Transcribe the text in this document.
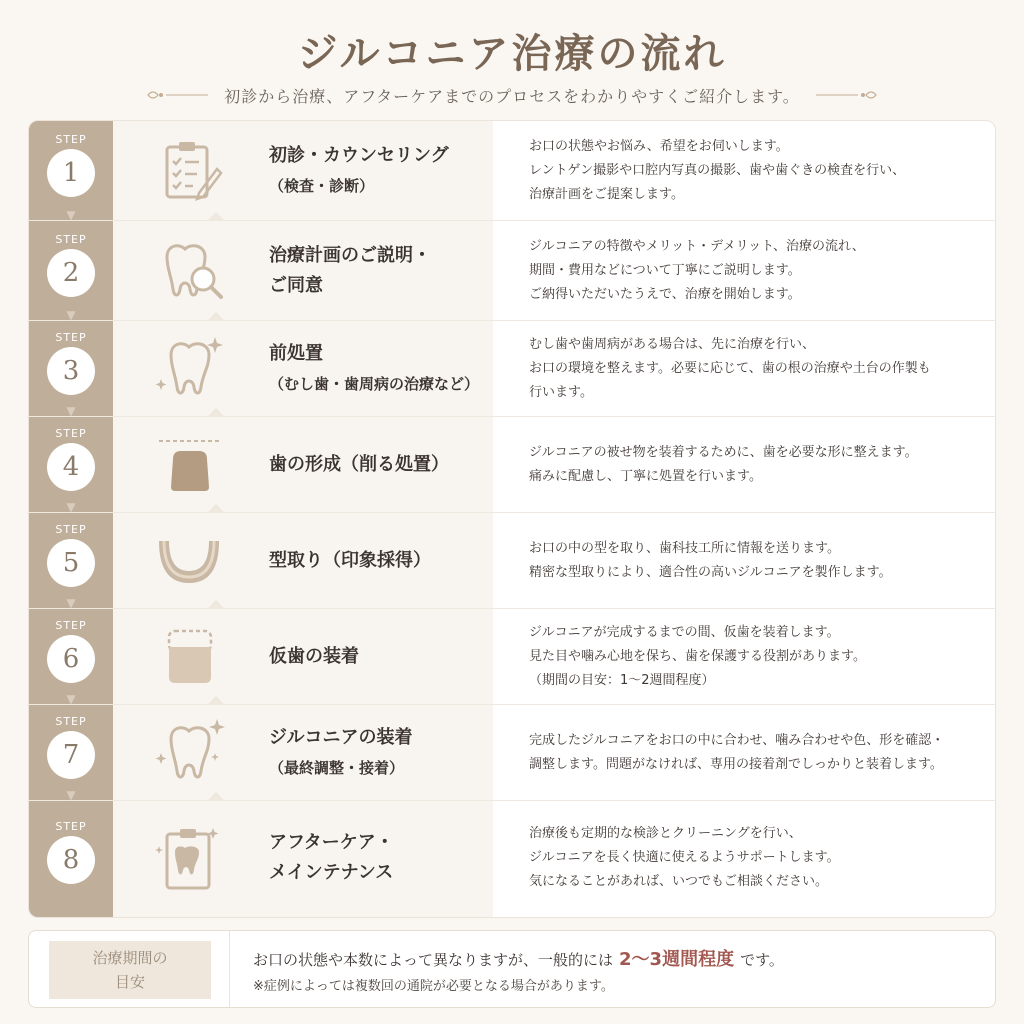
ジルコニア治療の流れ
初診から治療、アフターケアまでのプロセスをわかりやすくご紹介します。
STEP
1
▼
初診・カウンセリング
（検査・診断）
お口の状態やお悩み、希望をお伺いします。
レントゲン撮影や口腔内写真の撮影、歯や歯ぐきの検査を行い、
治療計画をご提案します。
STEP
2
▼
治療計画のご説明・
ご同意
ジルコニアの特徴やメリット・デメリット、治療の流れ、
期間・費用などについて丁寧にご説明します。
ご納得いただいたうえで、治療を開始します。
STEP
3
▼
前処置
（むし歯・歯周病の治療など）
むし歯や歯周病がある場合は、先に治療を行い、
お口の環境を整えます。必要に応じて、歯の根の治療や土台の作製も
行います。
STEP
4
▼
歯の形成（削る処置）
ジルコニアの被せ物を装着するために、歯を必要な形に整えます。
痛みに配慮し、丁寧に処置を行います。
STEP
5
▼
型取り（印象採得）
お口の中の型を取り、歯科技工所に情報を送ります。
精密な型取りにより、適合性の高いジルコニアを製作します。
STEP
6
▼
仮歯の装着
ジルコニアが完成するまでの間、仮歯を装着します。
見た目や噛み心地を保ち、歯を保護する役割があります。
（期間の目安：1〜2週間程度）
STEP
7
▼
ジルコニアの装着
（最終調整・接着）
完成したジルコニアをお口の中に合わせ、噛み合わせや色、形を確認・
調整します。問題がなければ、専用の接着剤でしっかりと装着します。
STEP
8
アフターケア・
メインテナンス
治療後も定期的な検診とクリーニングを行い、
ジルコニアを長く快適に使えるようサポートします。
気になることがあれば、いつでもご相談ください。
治療期間の
目安
お口の状態や本数によって異なりますが、一般的には 2〜3週間程度 です。
※症例によっては複数回の通院が必要となる場合があります。
